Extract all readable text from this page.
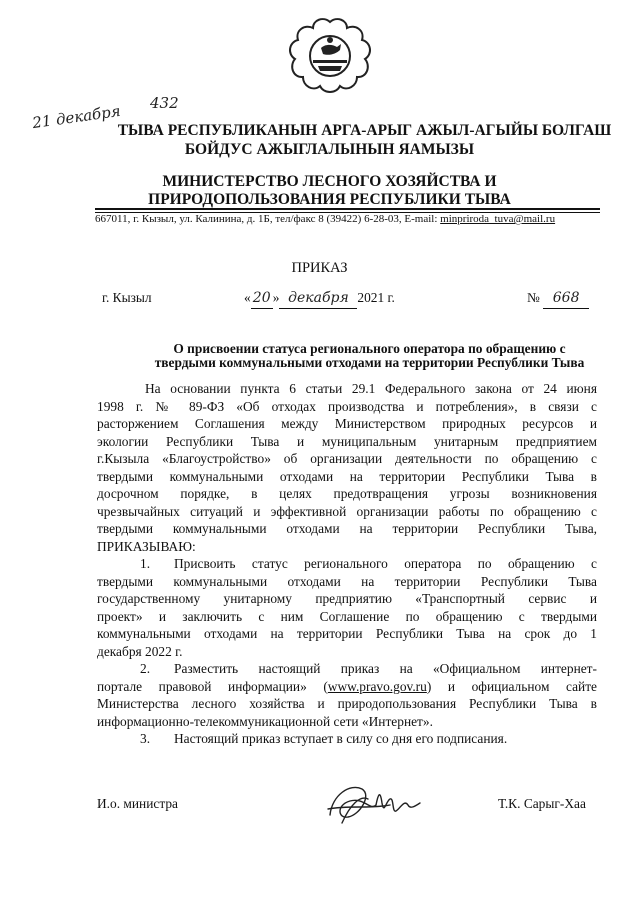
21 декабря 432
ТЫВА РЕСПУБЛИКАНЫН АРГА-АРЫГ АЖЫЛ-АГЫЙЫ БОЛГАШ
БОЙДУС АЖЫГЛАЛЫНЫН ЯАМЫЗЫ
МИНИСТЕРСТВО ЛЕСНОГО ХОЗЯЙСТВА И
ПРИРОДОПОЛЬЗОВАНИЯ РЕСПУБЛИКИ ТЫВА
667011, г. Кызыл, ул. Калинина, д. 1Б, тел/факс 8 (39422) 6-28-03, E-mail: minpriroda_tuva@mail.ru
ПРИКАЗ
г. Кызыл	« 20 » декабря 2021 г.	№ 668
О присвоении статуса регионального оператора по обращению с
твердыми коммунальными отходами на территории Республики Тыва
На основании пункта 6 статьи 29.1 Федерального закона от 24 июня
1998 г. № 89-ФЗ «Об отходах производства и потребления», в связи с
расторжением Соглашения между Министерством природных ресурсов и
экологии Республики Тыва и муниципальным унитарным предприятием
г.Кызыла «Благоустройство» об организации деятельности по обращению с
твердыми коммунальными отходами на территории Республики Тыва в
досрочном порядке, в целях предотвращения угрозы возникновения
чрезвычайных ситуаций и эффективной организации работы по обращению с
твердыми коммунальными отходами на территории Республики Тыва,
ПРИКАЗЫВАЮ:
1. Присвоить статус регионального оператора по обращению с
твердыми коммунальными отходами на территории Республики Тыва
государственному унитарному предприятию «Транспортный сервис и
проект» и заключить с ним Соглашение по обращению с твердыми
коммунальными отходами на территории Республики Тыва на срок до 1
декабря 2022 г.
2. Разместить настоящий приказ на «Официальном интернет-
портале правовой информации» (www.pravo.gov.ru) и официальном сайте
Министерства лесного хозяйства и природопользования Республики Тыва в
информационно-телекоммуникационной сети «Интернет».
3. Настоящий приказ вступает в силу со дня его подписания.
И.о. министра	Т.К. Сарыг-Хаа
